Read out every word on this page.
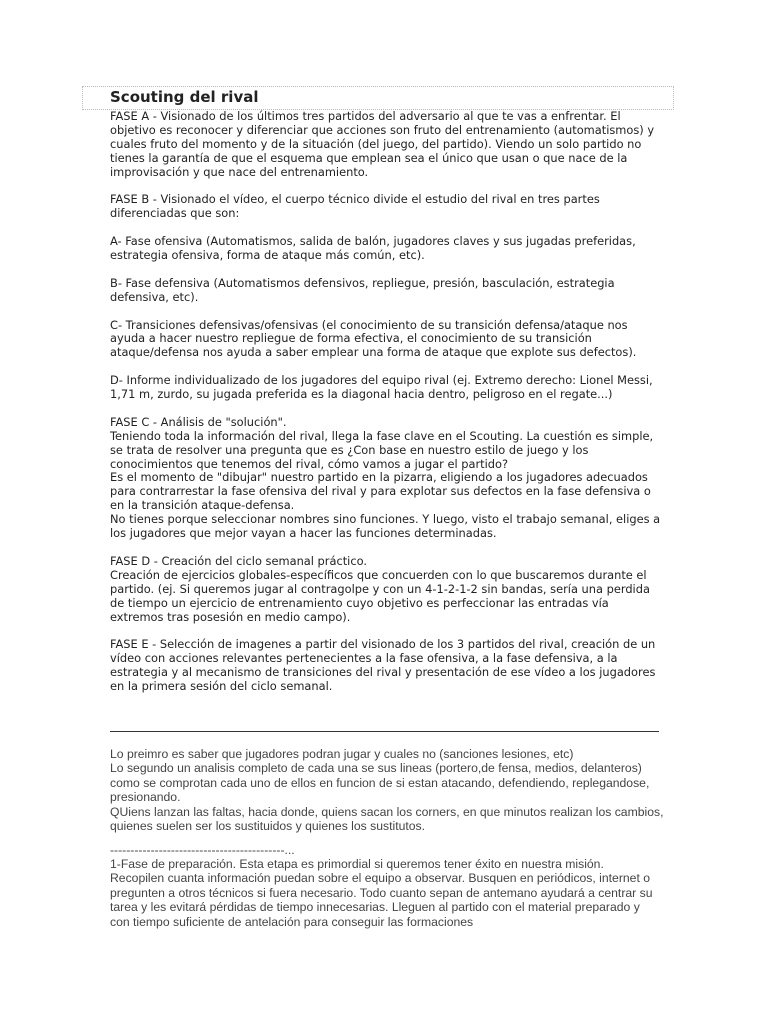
Scouting del rival

FASE A - Visionado de los últimos tres partidos del adversario al que te vas a enfrentar. El objetivo es reconocer y diferenciar que acciones son fruto del entrenamiento (automatismos) y cuales fruto del momento y de la situación (del juego, del partido). Viendo un solo partido no tienes la garantía de que el esquema que emplean sea el único que usan o que nace de la improvisación y que nace del entrenamiento.

FASE B - Visionado el vídeo, el cuerpo técnico divide el estudio del rival en tres partes diferenciadas que son:

A- Fase ofensiva (Automatismos, salida de balón, jugadores claves y sus jugadas preferidas, estrategia ofensiva, forma de ataque más común, etc).

B- Fase defensiva (Automatismos defensivos, repliegue, presión, basculación, estrategia defensiva, etc).

C- Transiciones defensivas/ofensivas (el conocimiento de su transición defensa/ataque nos ayuda a hacer nuestro repliegue de forma efectiva, el conocimiento de su transición ataque/defensa nos ayuda a saber emplear una forma de ataque que explote sus defectos).

D- Informe individualizado de los jugadores del equipo rival (ej. Extremo derecho: Lionel Messi, 1,71 m, zurdo, su jugada preferida es la diagonal hacia dentro, peligroso en el regate...)

FASE C - Análisis de "solución".

Teniendo toda la información del rival, llega la fase clave en el Scouting. La cuestión es simple, se trata de resolver una pregunta que es ¿Con base en nuestro estilo de juego y los conocimientos que tenemos del rival, cómo vamos a jugar el partido?

Es el momento de "dibujar" nuestro partido en la pizarra, eligiendo a los jugadores adecuados para contrarrestar la fase ofensiva del rival y para explotar sus defectos en la fase defensiva o en la transición ataque-defensa.

No tienes porque seleccionar nombres sino funciones. Y luego, visto el trabajo semanal, eliges a los jugadores que mejor vayan a hacer las funciones determinadas.

FASE D - Creación del ciclo semanal práctico.

Creación de ejercicios globales-específicos que concuerden con lo que buscaremos durante el partido. (ej. Si queremos jugar al contragolpe y con un 4-1-2-1-2 sin bandas, sería una perdida de tiempo un ejercicio de entrenamiento cuyo objetivo es perfeccionar las entradas vía extremos tras posesión en medio campo).

FASE E - Selección de imagenes a partir del visionado de los 3 partidos del rival, creación de un vídeo con acciones relevantes pertenecientes a la fase ofensiva, a la fase defensiva, a la estrategia y al mecanismo de transiciones del rival y presentación de ese vídeo a los jugadores en la primera sesión del ciclo semanal.

Lo preimro es saber que jugadores podran jugar y cuales no (sanciones lesiones, etc)

Lo segundo un analisis completo de cada una se sus lineas (portero,de fensa, medios, delanteros) como se comprotan cada uno de ellos en funcion de si estan atacando, defendiendo, replegandose, presionando.

QUiens lanzan las faltas, hacia donde, quiens sacan los corners, en que minutos realizan los cambios, quienes suelen ser los sustituidos y quienes los sustitutos.

-------------------------------------------...

1-Fase de preparación. Esta etapa es primordial si queremos tener éxito en nuestra misión. Recopilen cuanta información puedan sobre el equipo a observar. Busquen en periódicos, internet o pregunten a otros técnicos si fuera necesario. Todo cuanto sepan de antemano ayudará a centrar su tarea y les evitará pérdidas de tiempo innecesarias. Lleguen al partido con el material preparado y con tiempo suficiente de antelación para conseguir las formaciones
